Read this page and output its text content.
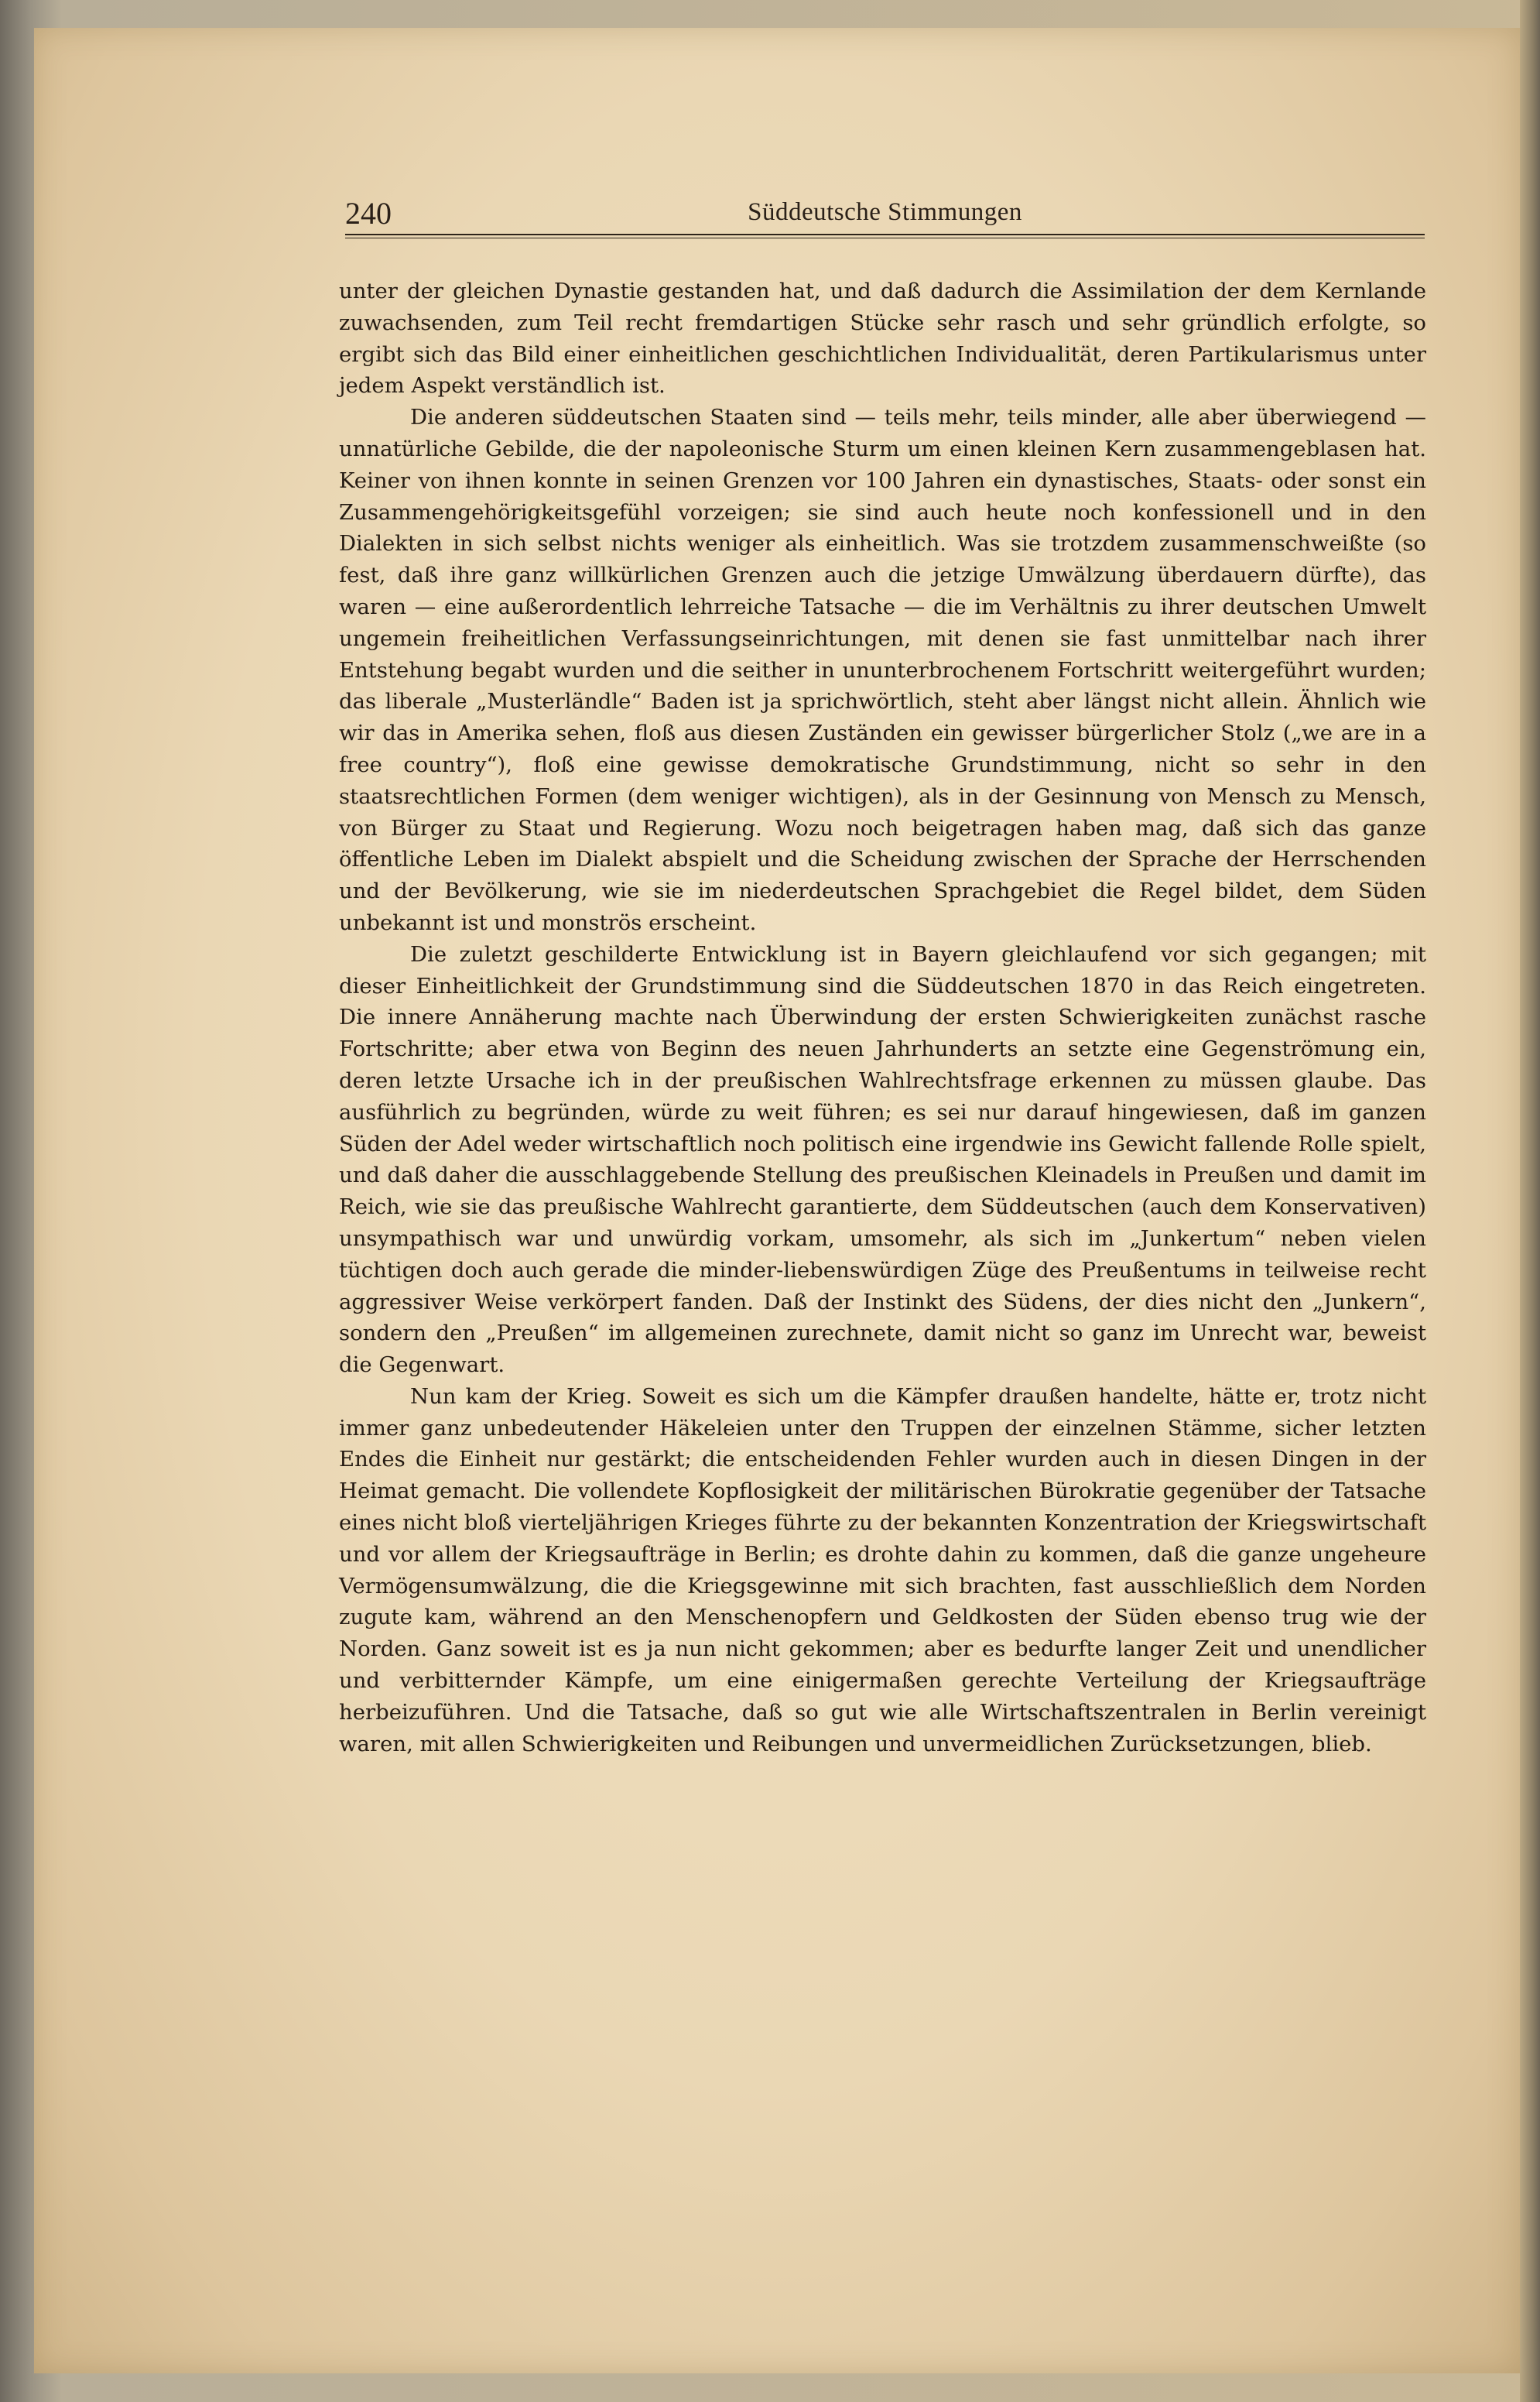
240	Süddeutsche Stimmungen

unter der gleichen Dynastie gestanden hat, und daß dadurch die Assimilation der dem Kernlande zuwachsenden, zum Teil recht fremdartigen Stücke sehr rasch und sehr gründlich erfolgte, so ergibt sich das Bild einer einheitlichen geschichtlichen Individualität, deren Partikularismus unter jedem Aspekt verständlich ist.

Die anderen süddeutschen Staaten sind — teils mehr, teils minder, alle aber überwiegend — unnatürliche Gebilde, die der napoleonische Sturm um einen kleinen Kern zusammengeblasen hat. Keiner von ihnen konnte in seinen Grenzen vor 100 Jahren ein dynastisches, Staats- oder sonst ein Zusammengehörigkeitsgefühl vorzeigen; sie sind auch heute noch konfessionell und in den Dialekten in sich selbst nichts weniger als einheitlich. Was sie trotzdem zusammenschweißte (so fest, daß ihre ganz willkürlichen Grenzen auch die jetzige Umwälzung überdauern dürfte), das waren — eine außerordentlich lehrreiche Tatsache — die im Verhältnis zu ihrer deutschen Umwelt ungemein freiheitlichen Verfassungseinrichtungen, mit denen sie fast unmittelbar nach ihrer Entstehung begabt wurden und die seither in ununterbrochenem Fortschritt weitergeführt wurden; das liberale „Musterländle“ Baden ist ja sprichwörtlich, steht aber längst nicht allein. Ähnlich wie wir das in Amerika sehen, floß aus diesen Zuständen ein gewisser bürgerlicher Stolz („we are in a free country“), floß eine gewisse demokratische Grundstimmung, nicht so sehr in den staatsrechtlichen Formen (dem weniger wichtigen), als in der Gesinnung von Mensch zu Mensch, von Bürger zu Staat und Regierung. Wozu noch beigetragen haben mag, daß sich das ganze öffentliche Leben im Dialekt abspielt und die Scheidung zwischen der Sprache der Herrschenden und der Bevölkerung, wie sie im niederdeutschen Sprachgebiet die Regel bildet, dem Süden unbekannt ist und monströs erscheint.

Die zuletzt geschilderte Entwicklung ist in Bayern gleichlaufend vor sich gegangen; mit dieser Einheitlichkeit der Grundstimmung sind die Süddeutschen 1870 in das Reich eingetreten. Die innere Annäherung machte nach Überwindung der ersten Schwierigkeiten zunächst rasche Fortschritte; aber etwa von Beginn des neuen Jahrhunderts an setzte eine Gegenströmung ein, deren letzte Ursache ich in der preußischen Wahlrechtsfrage erkennen zu müssen glaube. Das ausführlich zu begründen, würde zu weit führen; es sei nur darauf hingewiesen, daß im ganzen Süden der Adel weder wirtschaftlich noch politisch eine irgendwie ins Gewicht fallende Rolle spielt, und daß daher die ausschlaggebende Stellung des preußischen Kleinadels in Preußen und damit im Reich, wie sie das preußische Wahlrecht garantierte, dem Süddeutschen (auch dem Konservativen) unsympathisch war und unwürdig vorkam, umsomehr, als sich im „Junkertum“ neben vielen tüchtigen doch auch gerade die minder-liebenswürdigen Züge des Preußentums in teilweise recht aggressiver Weise verkörpert fanden. Daß der Instinkt des Südens, der dies nicht den „Junkern“, sondern den „Preußen“ im allgemeinen zurechnete, damit nicht so ganz im Unrecht war, beweist die Gegenwart.

Nun kam der Krieg. Soweit es sich um die Kämpfer draußen handelte, hätte er, trotz nicht immer ganz unbedeutender Häkeleien unter den Truppen der einzelnen Stämme, sicher letzten Endes die Einheit nur gestärkt; die entscheidenden Fehler wurden auch in diesen Dingen in der Heimat gemacht. Die vollendete Kopflosigkeit der militärischen Bürokratie gegenüber der Tatsache eines nicht bloß vierteljährigen Krieges führte zu der bekannten Konzentration der Kriegswirtschaft und vor allem der Kriegsaufträge in Berlin; es drohte dahin zu kommen, daß die ganze ungeheure Vermögensumwälzung, die die Kriegsgewinne mit sich brachten, fast ausschließlich dem Norden zugute kam, während an den Menschenopfern und Geldkosten der Süden ebenso trug wie der Norden. Ganz soweit ist es ja nun nicht gekommen; aber es bedurfte langer Zeit und unendlicher und verbitternder Kämpfe, um eine einigermaßen gerechte Verteilung der Kriegsaufträge herbeizuführen. Und die Tatsache, daß so gut wie alle Wirtschaftszentralen in Berlin vereinigt waren, mit allen Schwierigkeiten und Reibungen und unvermeidlichen Zurücksetzungen, blieb.
